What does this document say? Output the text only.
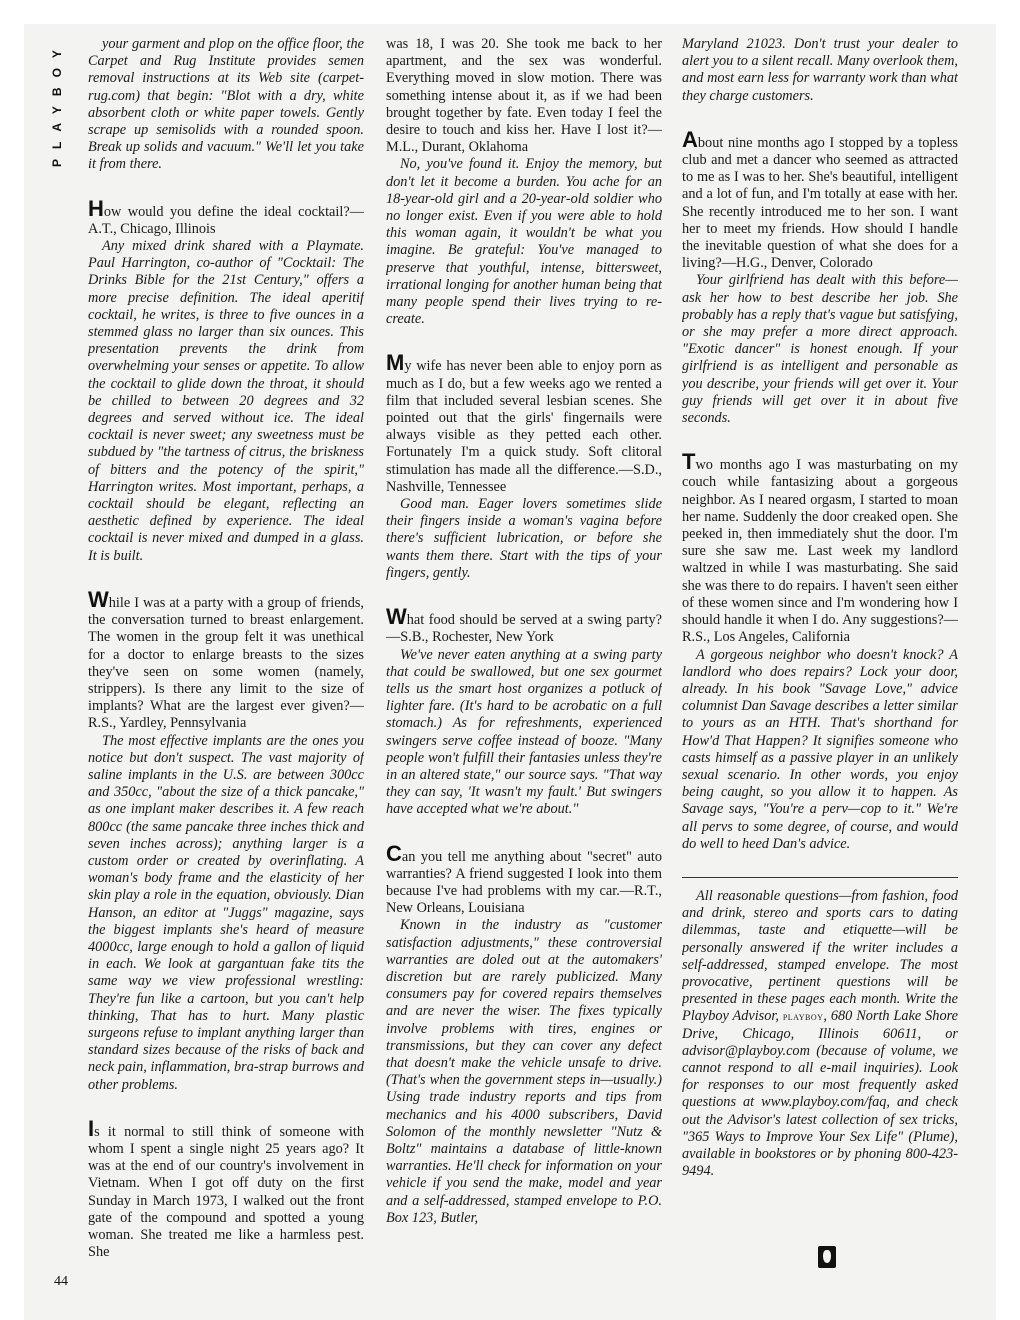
PLAYBOY	your garment and plop on the office floor, the Carpet and Rug Institute provides semen removal instructions at its Web site (carpet-rug.com) that begin: "Blot with a dry, white absorbent cloth or white paper towels. Gently scrape up semisolids with a rounded spoon. Break up solids and vacuum." We'll let you take it from there.

How would you define the ideal cocktail?—A.T., Chicago, Illinois

Any mixed drink shared with a Playmate. Paul Harrington, co-author of "Cocktail: The Drinks Bible for the 21st Century," offers a more precise definition. The ideal aperitif cocktail, he writes, is three to five ounces in a stemmed glass no larger than six ounces. This presentation prevents the drink from overwhelming your senses or appetite. To allow the cocktail to glide down the throat, it should be chilled to between 20 degrees and 32 degrees and served without ice. The ideal cocktail is never sweet; any sweetness must be subdued by "the tartness of citrus, the briskness of bitters and the potency of the spirit," Harrington writes. Most important, perhaps, a cocktail should be elegant, reflecting an aesthetic defined by experience. The ideal cocktail is never mixed and dumped in a glass. It is built.

While I was at a party with a group of friends, the conversation turned to breast enlargement. The women in the group felt it was unethical for a doctor to enlarge breasts to the sizes they've seen on some women (namely, strippers). Is there any limit to the size of implants? What are the largest ever given?—R.S., Yardley, Pennsylvania

The most effective implants are the ones you notice but don't suspect. The vast majority of saline implants in the U.S. are between 300cc and 350cc, "about the size of a thick pancake," as one implant maker describes it. A few reach 800cc (the same pancake three inches thick and seven inches across); anything larger is a custom order or created by overinflating. A woman's body frame and the elasticity of her skin play a role in the equation, obviously. Dian Hanson, an editor at "Juggs" magazine, says the biggest implants she's heard of measure 4000cc, large enough to hold a gallon of liquid in each. We look at gargantuan fake tits the same way we view professional wrestling: They're fun like a cartoon, but you can't help thinking, That has to hurt. Many plastic surgeons refuse to implant anything larger than standard sizes because of the risks of back and neck pain, inflammation, bra-strap burrows and other problems.

Is it normal to still think of someone with whom I spent a single night 25 years ago? It was at the end of our country's involvement in Vietnam. When I got off duty on the first Sunday in March 1973, I walked out the front gate of the compound and spotted a young woman. She treated me like a harmless pest. She

was 18, I was 20. She took me back to her apartment, and the sex was wonderful. Everything moved in slow motion. There was something intense about it, as if we had been brought together by fate. Even today I feel the desire to touch and kiss her. Have I lost it?—M.L., Durant, Oklahoma

No, you've found it. Enjoy the memory, but don't let it become a burden. You ache for an 18-year-old girl and a 20-year-old soldier who no longer exist. Even if you were able to hold this woman again, it wouldn't be what you imagine. Be grateful: You've managed to preserve that youthful, intense, bittersweet, irrational longing for another human being that many people spend their lives trying to re-create.

My wife has never been able to enjoy porn as much as I do, but a few weeks ago we rented a film that included several lesbian scenes. She pointed out that the girls' fingernails were always visible as they petted each other. Fortunately I'm a quick study. Soft clitoral stimulation has made all the difference.—S.D., Nashville, Tennessee

Good man. Eager lovers sometimes slide their fingers inside a woman's vagina before there's sufficient lubrication, or before she wants them there. Start with the tips of your fingers, gently.

What food should be served at a swing party?—S.B., Rochester, New York

We've never eaten anything at a swing party that could be swallowed, but one sex gourmet tells us the smart host organizes a potluck of lighter fare. (It's hard to be acrobatic on a full stomach.) As for refreshments, experienced swingers serve coffee instead of booze. "Many people won't fulfill their fantasies unless they're in an altered state," our source says. "That way they can say, 'It wasn't my fault.' But swingers have accepted what we're about."

Can you tell me anything about "secret" auto warranties? A friend suggested I look into them because I've had problems with my car.—R.T., New Orleans, Louisiana

Known in the industry as "customer satisfaction adjustments," these controversial warranties are doled out at the automakers' discretion but are rarely publicized. Many consumers pay for covered repairs themselves and are never the wiser. The fixes typically involve problems with tires, engines or transmissions, but they can cover any defect that doesn't make the vehicle unsafe to drive. (That's when the government steps in—usually.) Using trade industry reports and tips from mechanics and his 4000 subscribers, David Solomon of the monthly newsletter "Nutz & Boltz" maintains a database of little-known warranties. He'll check for information on your vehicle if you send the make, model and year and a self-addressed, stamped envelope to P.O. Box 123, Butler,

Maryland 21023. Don't trust your dealer to alert you to a silent recall. Many overlook them, and most earn less for warranty work than what they charge customers.

About nine months ago I stopped by a topless club and met a dancer who seemed as attracted to me as I was to her. She's beautiful, intelligent and a lot of fun, and I'm totally at ease with her. She recently introduced me to her son. I want her to meet my friends. How should I handle the inevitable question of what she does for a living?—H.G., Denver, Colorado

Your girlfriend has dealt with this before—ask her how to best describe her job. She probably has a reply that's vague but satisfying, or she may prefer a more direct approach. "Exotic dancer" is honest enough. If your girlfriend is as intelligent and personable as you describe, your friends will get over it. Your guy friends will get over it in about five seconds.

Two months ago I was masturbating on my couch while fantasizing about a gorgeous neighbor. As I neared orgasm, I started to moan her name. Suddenly the door creaked open. She peeked in, then immediately shut the door. I'm sure she saw me. Last week my landlord waltzed in while I was masturbating. She said she was there to do repairs. I haven't seen either of these women since and I'm wondering how I should handle it when I do. Any suggestions?—R.S., Los Angeles, California

A gorgeous neighbor who doesn't knock? A landlord who does repairs? Lock your door, already. In his book "Savage Love," advice columnist Dan Savage describes a letter similar to yours as an HTH. That's shorthand for How'd That Happen? It signifies someone who casts himself as a passive player in an unlikely sexual scenario. In other words, you enjoy being caught, so you allow it to happen. As Savage says, "You're a perv—cop to it." We're all pervs to some degree, of course, and would do well to heed Dan's advice.

All reasonable questions—from fashion, food and drink, stereo and sports cars to dating dilemmas, taste and etiquette—will be personally answered if the writer includes a self-addressed, stamped envelope. The most provocative, pertinent questions will be presented in these pages each month. Write the Playboy Advisor, playboy, 680 North Lake Shore Drive, Chicago, Illinois 60611, or advisor@playboy.com (because of volume, we cannot respond to all e-mail inquiries). Look for responses to our most frequently asked questions at www.playboy.com/faq, and check out the Advisor's latest collection of sex tricks, "365 Ways to Improve Your Sex Life" (Plume), available in bookstores or by phoning 800-423-9494.

44
